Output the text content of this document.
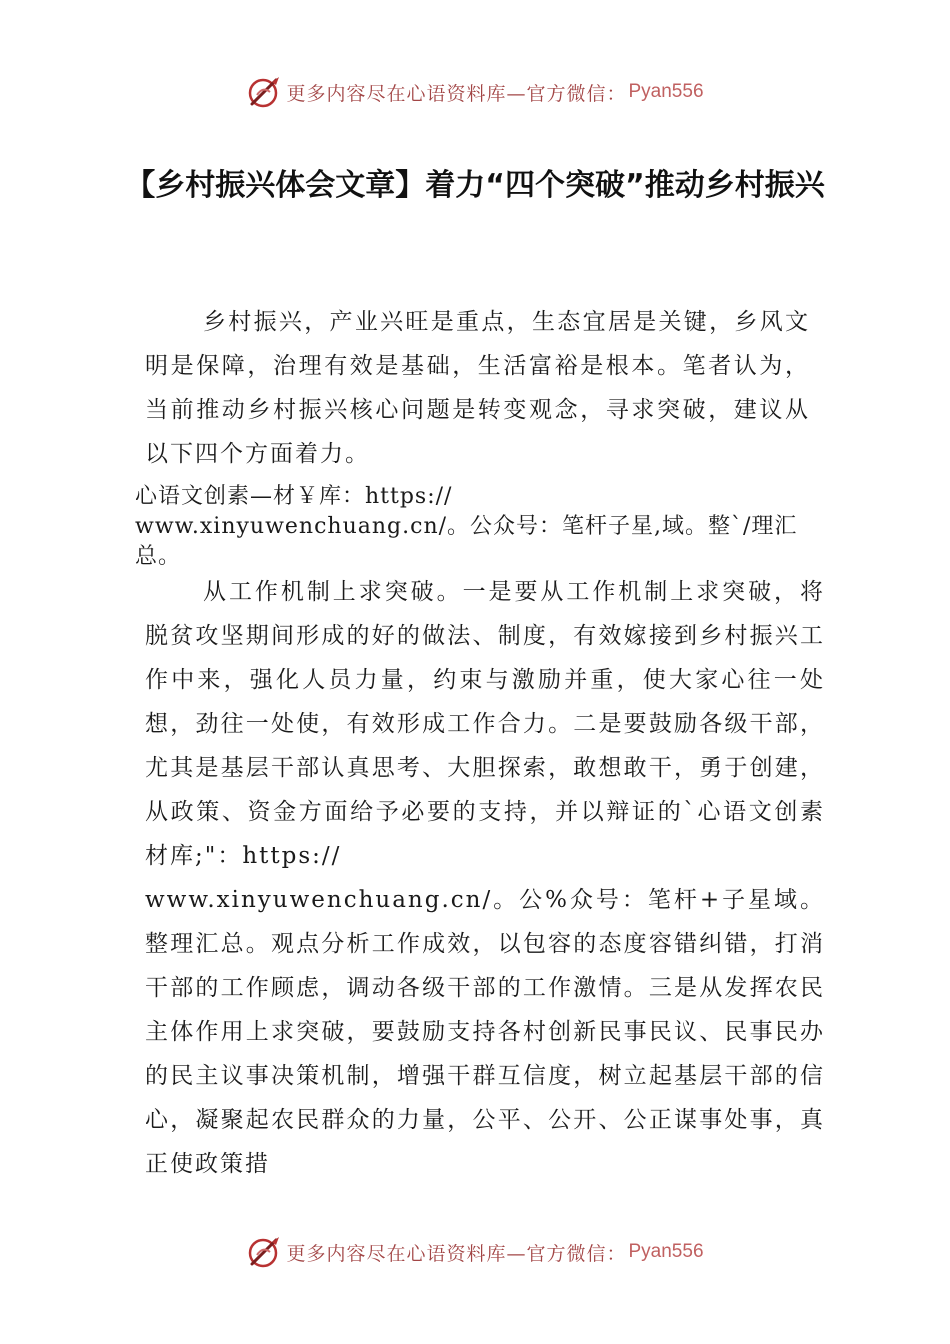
更多内容尽在心语资料库—官方微信： Pyan556
【乡村振兴体会文章】着力“四个突破”推动乡村振兴
乡村振兴，产业兴旺是重点，生态宜居是关键，乡风文明是保障，治理有效是基础，生活富裕是根本。笔者认为，当前推动乡村振兴核心问题是转变观念，寻求突破，建议从以下四个方面着力。
心语文创素—材￥库：https://
www.xinyuwenchuang.cn/。公众号：笔杆子星,域。整`/理汇总。
从工作机制上求突破。一是要从工作机制上求突破，将脱贫攻坚期间形成的好的做法、制度，有效嫁接到乡村振兴工作中来，强化人员力量，约束与激励并重，使大家心往一处想，劲往一处使，有效形成工作合力。二是要鼓励各级干部，尤其是基层干部认真思考、大胆探索，敢想敢干，勇于创建，从政策、资金方面给予必要的支持，并以辩证的`心语文创素材库;"：https://
www.xinyuwenchuang.cn/。公%众号：笔杆+子星域。整理汇总。观点分析工作成效，以包容的态度容错纠错，打消干部的工作顾虑，调动各级干部的工作激情。三是从发挥农民主体作用上求突破，要鼓励支持各村创新民事民议、民事民办的民主议事决策机制，增强干群互信度，树立起基层干部的信心，凝聚起农民群众的力量，公平、公开、公正谋事处事，真正使政策措
更多内容尽在心语资料库—官方微信： Pyan556
